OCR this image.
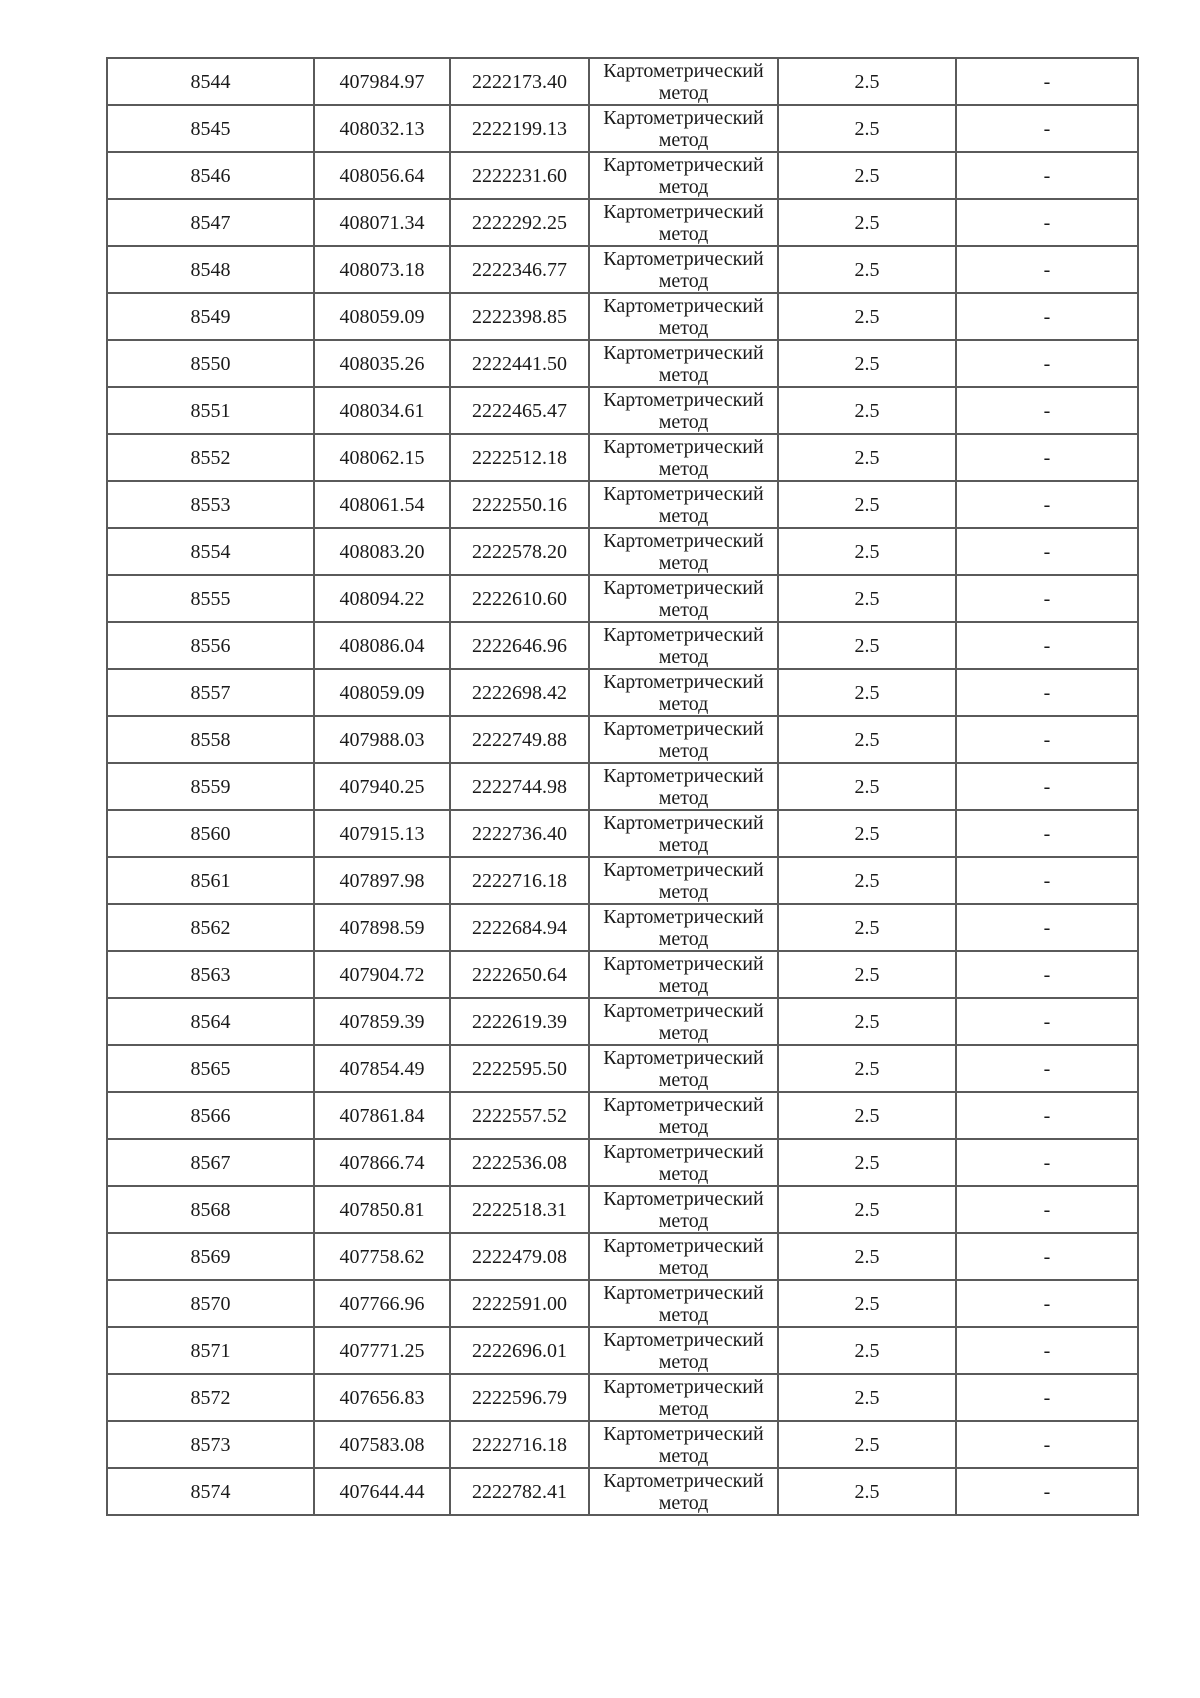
8544	407984.97	2222173.40	Картометрический
метод	2.5	-
8545	408032.13	2222199.13	Картометрический
метод	2.5	-
8546	408056.64	2222231.60	Картометрический
метод	2.5	-
8547	408071.34	2222292.25	Картометрический
метод	2.5	-
8548	408073.18	2222346.77	Картометрический
метод	2.5	-
8549	408059.09	2222398.85	Картометрический
метод	2.5	-
8550	408035.26	2222441.50	Картометрический
метод	2.5	-
8551	408034.61	2222465.47	Картометрический
метод	2.5	-
8552	408062.15	2222512.18	Картометрический
метод	2.5	-
8553	408061.54	2222550.16	Картометрический
метод	2.5	-
8554	408083.20	2222578.20	Картометрический
метод	2.5	-
8555	408094.22	2222610.60	Картометрический
метод	2.5	-
8556	408086.04	2222646.96	Картометрический
метод	2.5	-
8557	408059.09	2222698.42	Картометрический
метод	2.5	-
8558	407988.03	2222749.88	Картометрический
метод	2.5	-
8559	407940.25	2222744.98	Картометрический
метод	2.5	-
8560	407915.13	2222736.40	Картометрический
метод	2.5	-
8561	407897.98	2222716.18	Картометрический
метод	2.5	-
8562	407898.59	2222684.94	Картометрический
метод	2.5	-
8563	407904.72	2222650.64	Картометрический
метод	2.5	-
8564	407859.39	2222619.39	Картометрический
метод	2.5	-
8565	407854.49	2222595.50	Картометрический
метод	2.5	-
8566	407861.84	2222557.52	Картометрический
метод	2.5	-
8567	407866.74	2222536.08	Картометрический
метод	2.5	-
8568	407850.81	2222518.31	Картометрический
метод	2.5	-
8569	407758.62	2222479.08	Картометрический
метод	2.5	-
8570	407766.96	2222591.00	Картометрический
метод	2.5	-
8571	407771.25	2222696.01	Картометрический
метод	2.5	-
8572	407656.83	2222596.79	Картометрический
метод	2.5	-
8573	407583.08	2222716.18	Картометрический
метод	2.5	-
8574	407644.44	2222782.41	Картометрический
метод	2.5	-
